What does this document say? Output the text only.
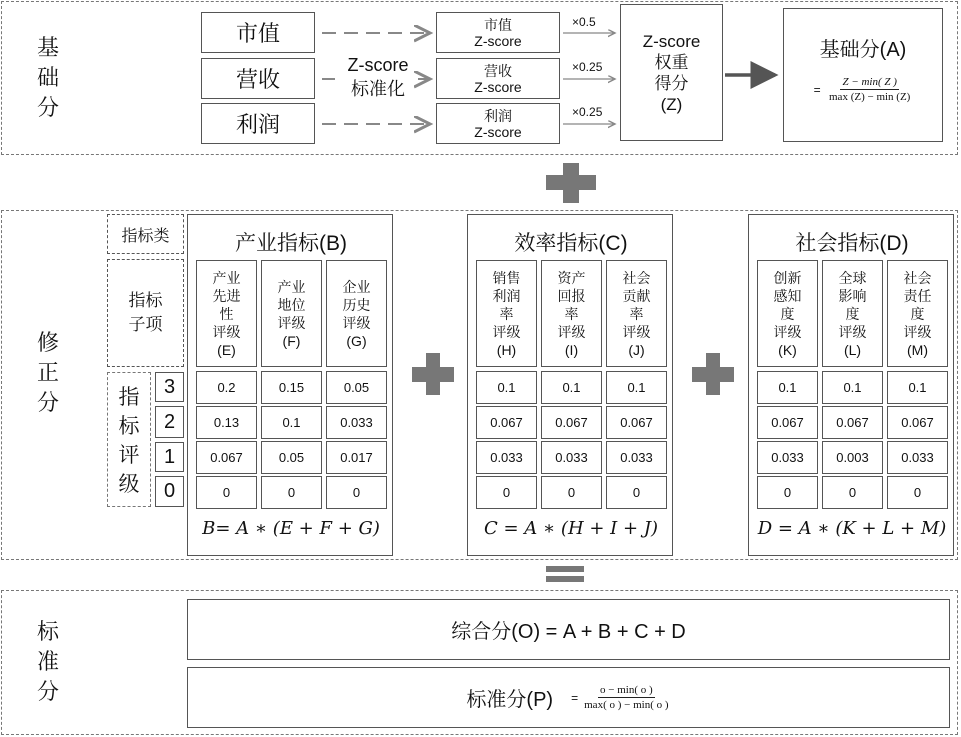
基
础
分
修
正
分
标
准
分
市值
营收
利润
Z-score
标准化
市值
Z-score
营收
Z-score
利润
Z-score
×0.5
×0.25
×0.25
Z-score
权重
得分
(Z)
基础分(A)
= $\frac{Z - \min( Z )}{\max (Z) - \min (Z)}$
指标类
指标
子项
指
标
评
级
3
2
1
0
产业指标(B)
产业
先进
性
评级
(E)
0.2
0.13
0.067
0
产业
地位
评级
(F)
0.15
0.1
0.05
0
企业
历史
评级
(G)
0.05
0.033
0.017
0
B= A ∗ (E + F + G)
效率指标(C)
销售
利润
率
评级
(H)
0.1
0.067
0.033
0
资产
回报
率
评级
(I)
0.1
0.067
0.033
0
社会
贡献
率
评级
(J)
0.1
0.067
0.033
0
C = A ∗ (H + I + J)
社会指标(D)
创新
感知
度
评级
(K)
0.1
0.067
0.033
0
全球
影响
度
评级
(L)
0.1
0.067
0.003
0
社会
责任
度
评级
(M)
0.1
0.067
0.033
0
D = A ∗ (K + L + M)
综合分(O) = A + B + C + D
标准分$(P) = \frac{o - \min( o )}{\max( o ) - \min( o )}$
